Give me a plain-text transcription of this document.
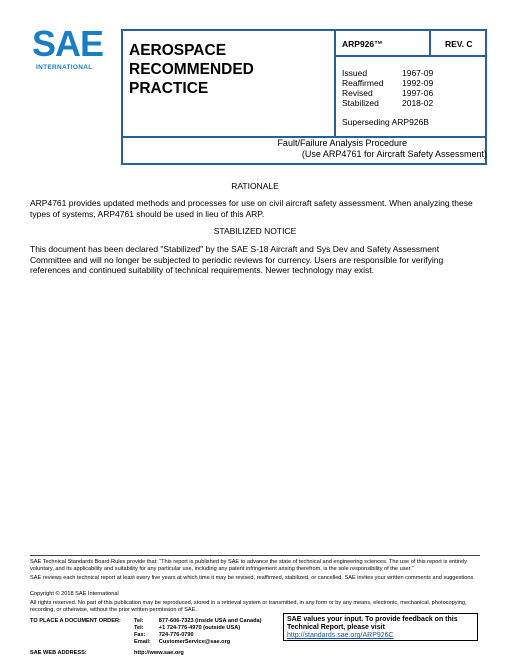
SAE
INTERNATIONAL
AEROSPACE
RECOMMENDED PRACTICE
ARP926™	REV. C
Issued	1967-09
Reaffirmed	1992-09
Revised	1997-06
Stabilized	2018-02
Superseding ARP926B
Fault/Failure Analysis Procedure
(Use ARP4761 for Aircraft Safety Assessment)
RATIONALE
ARP4761 provides updated methods and processes for use on civil aircraft safety assessment. When analyzing these types of systems, ARP4761 should be used in lieu of this ARP.
STABILIZED NOTICE
This document has been declared "Stabilized" by the SAE S-18 Aircraft and Sys Dev and Safety Assessment Committee and will no longer be subjected to periodic reviews for currency. Users are responsible for verifying references and continued suitability of technical requirements. Newer technology may exist.
SAE Technical Standards Board Rules provide that: “This report is published by SAE to advance the state of technical and engineering sciences. The use of this report is entirely voluntary, and its applicability and suitability for any particular use, including any patent infringement arising therefrom, is the sole responsibility of the user.”
SAE reviews each technical report at least every five years at which time it may be revised, reaffirmed, stabilized, or cancelled. SAE invites your written comments and suggestions.
Copyright © 2018 SAE International
All rights reserved. No part of this publication may be reproduced, stored in a retrieval system or transmitted, in any form or by any means, electronic, mechanical, photocopying, recording, or otherwise, without the prior written permission of SAE.
TO PLACE A DOCUMENT ORDER:	Tel:	877-606-7323 (inside USA and Canada)
	Tel:	+1 724-776-4970 (outside USA)
	Fax:	724-776-0790
	Email:	CustomerService@sae.org
SAE WEB ADDRESS:	http://www.sae.org	
SAE values your input. To provide feedback on this Technical Report, please visit
http://standards.sae.org/ARP926C
